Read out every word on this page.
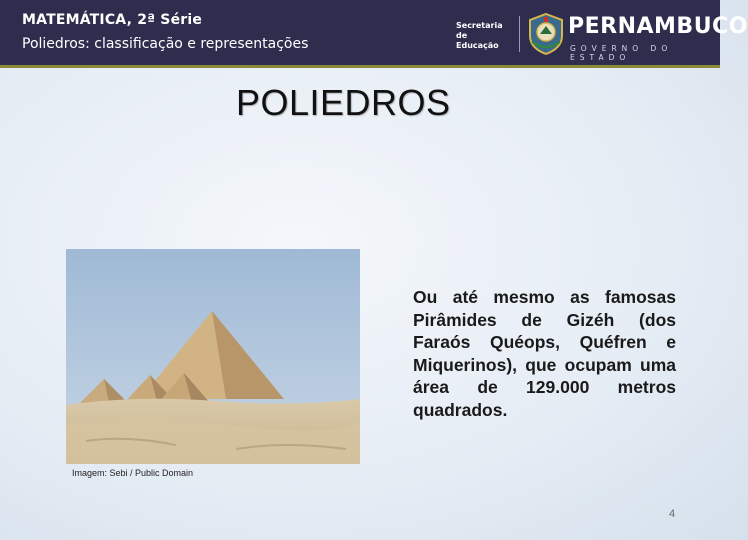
MATEMÁTICA, 2ª Série
Poliedros: classificação e representações
Secretaria de
Educação
PERNAMBUCO
GOVERNO DO ESTADO
POLIEDROS
Imagem: Sebi / Public Domain

Ou até mesmo as famosas Pirâmides de Gizéh (dos Faraós Quéops, Quéfren e Miquerinos), que ocupam uma área de 129.000 metros quadrados.

4
